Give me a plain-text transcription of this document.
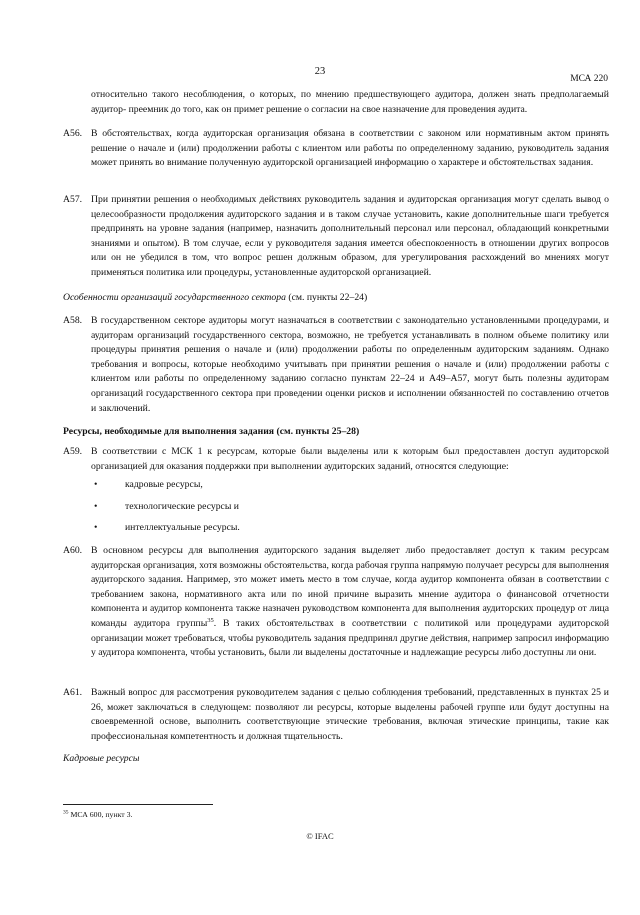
23
МСА 220
относительно такого несоблюдения, о которых, по мнению предшествующего аудитора, должен знать предполагаемый аудитор- преемник до того, как он примет решение о согласии на свое назначение для проведения аудита.
A56. В обстоятельствах, когда аудиторская организация обязана в соответствии с законом или нормативным актом принять решение о начале и (или) продолжении работы с клиентом или работы по определенному заданию, руководитель задания может принять во внимание полученную аудиторской организацией информацию о характере и обстоятельствах задания.
A57. При принятии решения о необходимых действиях руководитель задания и аудиторская организация могут сделать вывод о целесообразности продолжения аудиторского задания и в таком случае установить, какие дополнительные шаги требуется предпринять на уровне задания (например, назначить дополнительный персонал или персонал, обладающий конкретными знаниями и опытом). В том случае, если у руководителя задания имеется обеспокоенность в отношении других вопросов или он не убедился в том, что вопрос решен должным образом, для урегулирования расхождений во мнениях могут применяться политика или процедуры, установленные аудиторской организацией.
Особенности организаций государственного сектора (см. пункты 22–24)
A58. В государственном секторе аудиторы могут назначаться в соответствии с законодательно установленными процедурами, и аудиторам организаций государственного сектора, возможно, не требуется устанавливать в полном объеме политику или процедуры принятия решения о начале и (или) продолжении работы по определенным аудиторским заданиям. Однако требования и вопросы, которые необходимо учитывать при принятии решения о начале и (или) продолжении работы с клиентом или работы по определенному заданию согласно пунктам 22–24 и A49–A57, могут быть полезны аудиторам организаций государственного сектора при проведении оценки рисков и исполнении обязанностей по составлению отчетов и заключений.
Ресурсы, необходимые для выполнения задания (см. пункты 25–28)
A59. В соответствии с МСК 1 к ресурсам, которые были выделены или к которым был предоставлен доступ аудиторской организацией для оказания поддержки при выполнении аудиторских заданий, относятся следующие:
•	кадровые ресурсы,
•	технологические ресурсы и
•	интеллектуальные ресурсы.
A60. В основном ресурсы для выполнения аудиторского задания выделяет либо предоставляет доступ к таким ресурсам аудиторская организация, хотя возможны обстоятельства, когда рабочая группа напрямую получает ресурсы для выполнения аудиторского задания. Например, это может иметь место в том случае, когда аудитор компонента обязан в соответствии с требованием закона, нормативного акта или по иной причине выразить мнение аудитора о финансовой отчетности компонента и аудитор компонента также назначен руководством компонента для выполнения аудиторских процедур от лица команды аудитора группы$^{35}$. В таких обстоятельствах в соответствии с политикой или процедурами аудиторской организации может требоваться, чтобы руководитель задания предпринял другие действия, например запросил информацию у аудитора компонента, чтобы установить, были ли выделены достаточные и надлежащие ресурсы либо доступны ли они.
A61. Важный вопрос для рассмотрения руководителем задания с целью соблюдения требований, представленных в пунктах 25 и 26, может заключаться в следующем: позволяют ли ресурсы, которые выделены рабочей группе или будут доступны на своевременной основе, выполнить соответствующие этические требования, включая этические принципы, такие как профессиональная компетентность и должная тщательность.
Кадровые ресурсы
$^{35}$ МСА 600, пункт 3.
© IFAC
